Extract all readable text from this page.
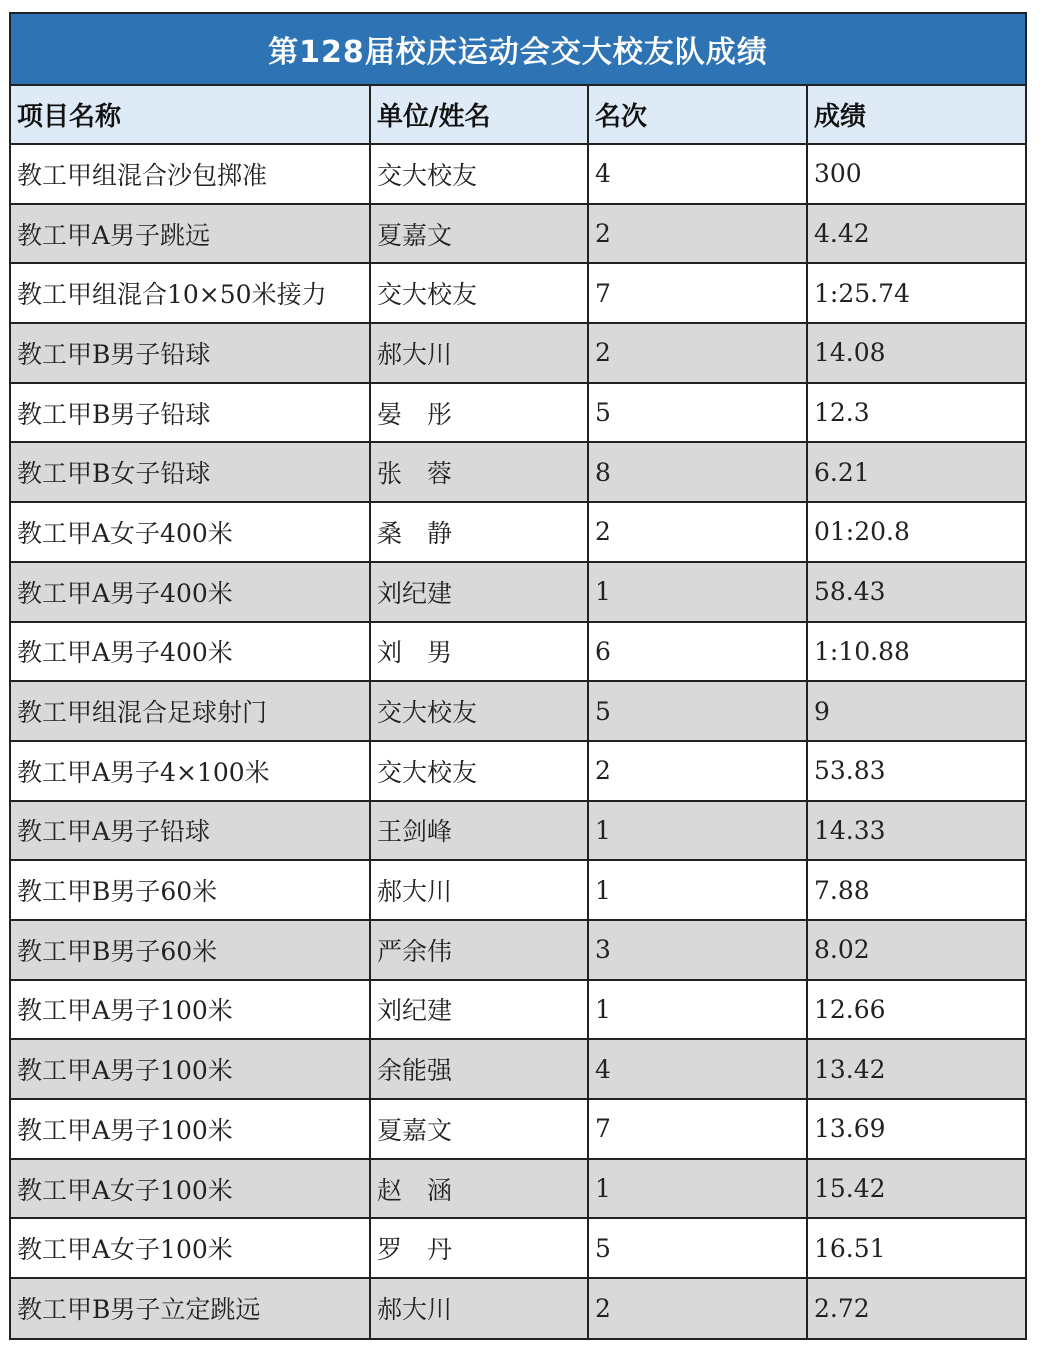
第128届校庆运动会交大校友队成绩
项目名称	单位/姓名	名次	成绩
教工甲组混合沙包掷准	交大校友	4	300
教工甲A男子跳远	夏嘉文	2	4.42
教工甲组混合10×50米接力	交大校友	7	1:25.74
教工甲B男子铅球	郝大川	2	14.08
教工甲B男子铅球	晏　彤	5	12.3
教工甲B女子铅球	张　蓉	8	6.21
教工甲A女子400米	桑　静	2	01:20.8
教工甲A男子400米	刘纪建	1	58.43
教工甲A男子400米	刘　男	6	1:10.88
教工甲组混合足球射门	交大校友	5	9
教工甲A男子4×100米	交大校友	2	53.83
教工甲A男子铅球	王剑峰	1	14.33
教工甲B男子60米	郝大川	1	7.88
教工甲B男子60米	严余伟	3	8.02
教工甲A男子100米	刘纪建	1	12.66
教工甲A男子100米	余能强	4	13.42
教工甲A男子100米	夏嘉文	7	13.69
教工甲A女子100米	赵　涵	1	15.42
教工甲A女子100米	罗　丹	5	16.51
教工甲B男子立定跳远	郝大川	2	2.72
